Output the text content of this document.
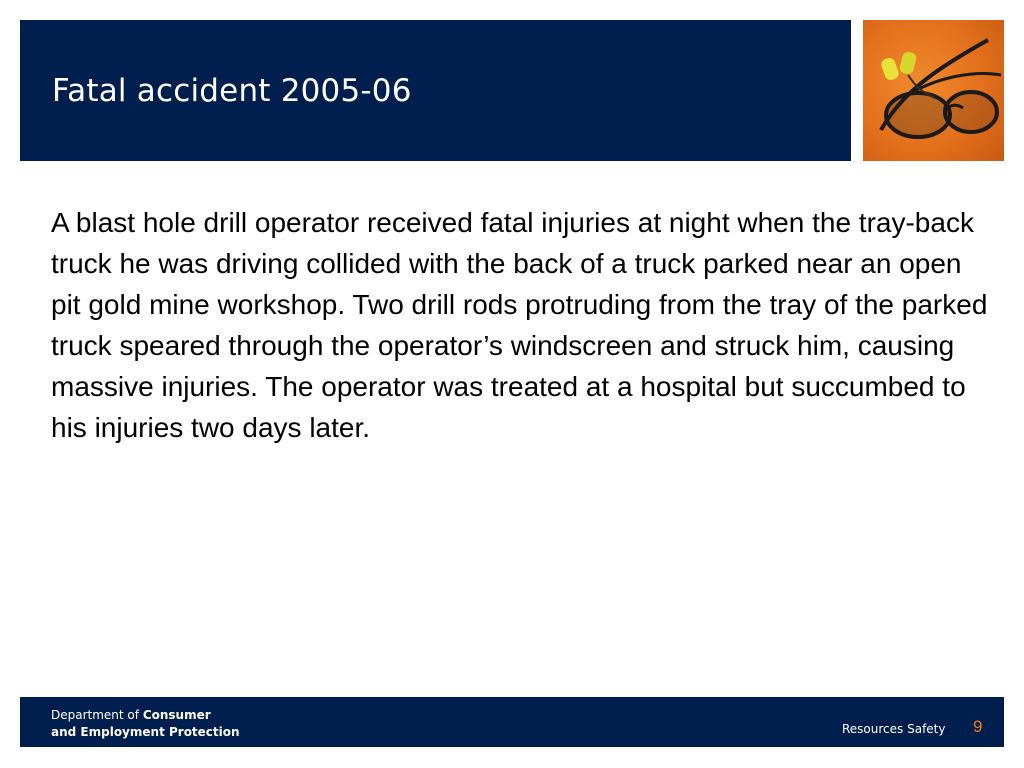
Fatal accident 2005-06
A blast hole drill operator received fatal injuries at night when the tray-back truck he was driving collided with the back of a truck parked near an open pit gold mine workshop. Two drill rods protruding from the tray of the parked truck speared through the operator’s windscreen and struck him, causing massive injuries. The operator was treated at a hospital but succumbed to his injuries two days later.
Department of Consumer
and Employment Protection	Resources Safety 9
